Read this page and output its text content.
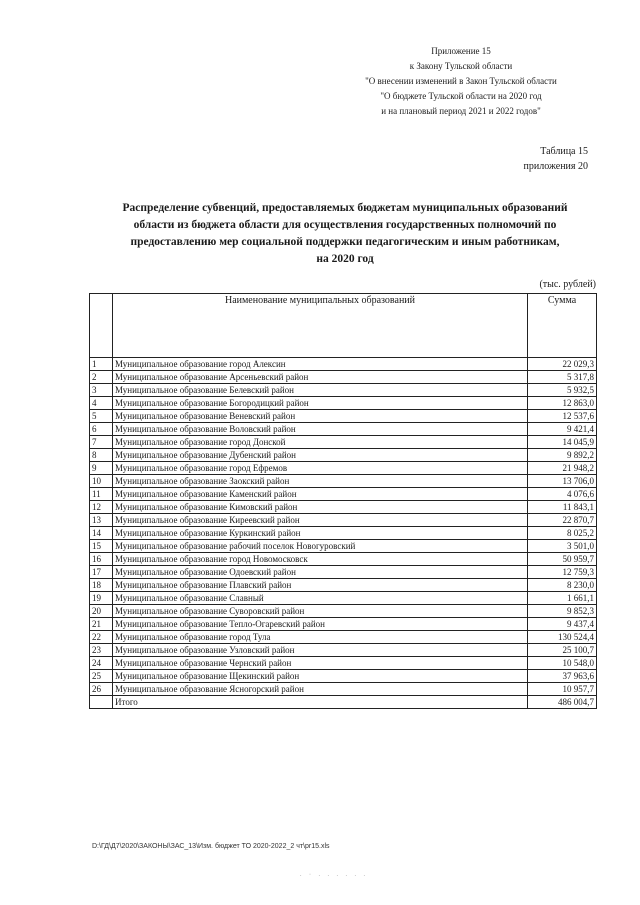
Приложение 15
к Закону Тульской области
"О внесении изменений в Закон Тульской области
"О бюджете Тульской области на 2020 год
и на плановый период 2021 и 2022 годов"
Таблица 15
приложения 20
Распределение субвенций, предоставляемых бюджетам муниципальных образований
области из бюджета области для осуществления государственных полномочий по
предоставлению мер социальной поддержки педагогическим и иным работникам,
на 2020 год
(тыс. рублей)
	Наименование муниципальных образований	Сумма
1	Муниципальное образование город Алексин	22 029,3
2	Муниципальное образование Арсеньевский район	5 317,8
3	Муниципальное образование Белевский район	5 932,5
4	Муниципальное образование Богородицкий район	12 863,0
5	Муниципальное образование Веневский район	12 537,6
6	Муниципальное образование Воловский район	9 421,4
7	Муниципальное образование город Донской	14 045,9
8	Муниципальное образование Дубенский район	9 892,2
9	Муниципальное образование город Ефремов	21 948,2
10	Муниципальное образование Заокский район	13 706,0
11	Муниципальное образование Каменский район	4 076,6
12	Муниципальное образование Кимовский район	11 843,1
13	Муниципальное образование Киреевский район	22 870,7
14	Муниципальное образование Куркинский район	8 025,2
15	Муниципальное образование рабочий поселок Новогуровский	3 501,0
16	Муниципальное образование город Новомосковск	50 959,7
17	Муниципальное образование Одоевский район	12 759,3
18	Муниципальное образование Плавский район	8 230,0
19	Муниципальное образование Славный	1 661,1
20	Муниципальное образование Суворовский район	9 852,3
21	Муниципальное образование Тепло-Огаревский район	9 437,4
22	Муниципальное образование город Тула	130 524,4
23	Муниципальное образование Узловский район	25 100,7
24	Муниципальное образование Чернский район	10 548,0
25	Муниципальное образование Щекинский район	37 963,6
26	Муниципальное образование Ясногорский район	10 957,7
	Итого	486 004,7
D:\ГД\Д7\2020\ЗАКОНЫ\ЗАС_13\Изм. бюджет ТО 2020-2022_2 чт\pr15.xls
. · . . . . . .
